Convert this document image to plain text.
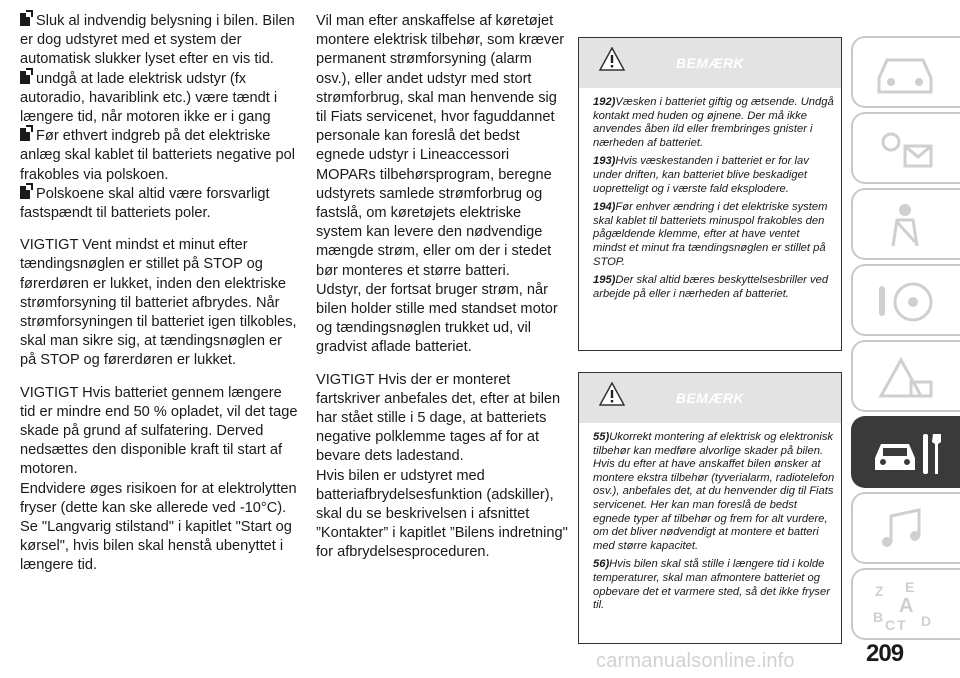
Sluk al indvendig belysning i bilen. Bilen er dog udstyret med et system der automatisk slukker lyset efter en vis tid.

undgå at lade elektrisk udstyr (fx autoradio, havariblink etc.) være tændt i længere tid, når motoren ikke er i gang

Før ethvert indgreb på det elektriske anlæg skal kablet til batteriets negative pol frakobles via polskoen.

Polskoene skal altid være forsvarligt fastspændt til batteriets poler.

VIGTIGT Vent mindst et minut efter tændingsnøglen er stillet på STOP og førerdøren er lukket, inden den elektriske strømforsyning til batteriet afbrydes. Når strømforsyningen til batteriet igen tilkobles, skal man sikre sig, at tændingsnøglen er på STOP og førerdøren er lukket.

VIGTIGT Hvis batteriet gennem længere tid er mindre end 50 % opladet, vil det tage skade på grund af sulfatering. Derved nedsættes den disponible kraft til start af motoren.

Endvidere øges risikoen for at elektrolytten fryser (dette kan ske allerede ved -10°C).

Se "Langvarig stilstand" i kapitlet "Start og kørsel", hvis bilen skal henstå ubenyttet i længere tid.

Vil man efter anskaffelse af køretøjet montere elektrisk tilbehør, som kræver permanent strømforsyning (alarm osv.), eller andet udstyr med stort strømforbrug, skal man henvende sig til Fiats servicenet, hvor faguddannet personale kan foreslå det bedst egnede udstyr i Lineaccessori MOPARs tilbehørsprogram, beregne udstyrets samlede strømforbrug og fastslå, om køretøjets elektriske system kan levere den nødvendige mængde strøm, eller om der i stedet bør monteres et større batteri.

Udstyr, der fortsat bruger strøm, når bilen holder stille med standset motor og tændingsnøglen trukket ud, vil gradvist aflade batteriet.

VIGTIGT Hvis der er monteret fartskriver anbefales det, efter at bilen har stået stille i 5 dage, at batteriets negative polklemme tages af for at bevare dets ladestand.

Hvis bilen er udstyret med batteriafbrydelsesfunktion (adskiller), skal du se beskrivelsen i afsnittet ”Kontakter” i kapitlet ”Bilens indretning" for afbrydelsesproceduren.

BEMÆRK

192)Væsken i batteriet giftig og ætsende. Undgå kontakt med huden og øjnene. Der må ikke anvendes åben ild eller frembringes gnister i nærheden af batteriet.

193)Hvis væskestanden i batteriet er for lav under driften, kan batteriet blive beskadiget uopretteligt og i værste fald eksplodere.

194)Før enhver ændring i det elektriske system skal kablet til batteriets minuspol frakobles den pågældende klemme, efter at have ventet mindst et minut fra tændingsnøglen er stillet på STOP.

195)Der skal altid bæres beskyttelsesbriller ved arbejde på eller i nærheden af batteriet.

BEMÆRK

55)Ukorrekt montering af elektrisk og elektronisk tilbehør kan medføre alvorlige skader på bilen. Hvis du efter at have anskaffet bilen ønsker at montere ekstra tilbehør (tyverialarm, radiotelefon osv.), anbefales det, at du henvender dig til Fiats servicenet. Her kan man foreslå de bedst egnede typer af tilbehør og frem for alt vurdere, om det bliver nødvendigt at montere et batteri med større kapacitet.

56)Hvis bilen skal stå stille i længere tid i kolde temperaturer, skal man afmontere batteriet og opbevare det et varmere sted, så det ikke fryser til.

Z E
A
B C T D
carmanualsonline.info	209
